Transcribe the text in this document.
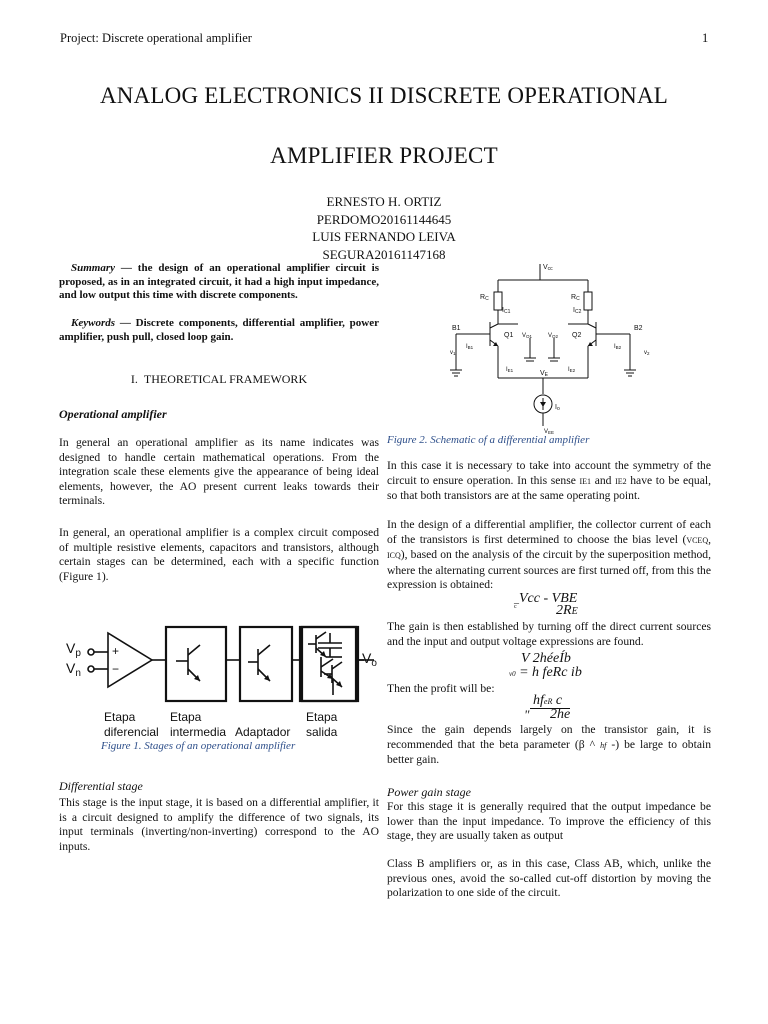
Project: Discrete operational amplifier	1
ANALOG ELECTRONICS II DISCRETE OPERATIONAL
AMPLIFIER PROJECT
ERNESTO H. ORTIZ
PERDOMO20161144645
LUIS FERNANDO LEIVA
SEGURA20161147168
Summary — the design of an operational amplifier circuit is proposed, as in an integrated circuit, it had a high input impedance, and low output this time with discrete components.
Keywords — Discrete components, differential amplifier, power amplifier, push pull, closed loop gain.
I. THEORETICAL FRAMEWORK
Operational amplifier
In general an operational amplifier as its name indicates was designed to handle certain mathematical operations. From the integration scale these elements give the appearance of being ideal elements, however, the AO present current leaks towards their terminals.
In general, an operational amplifier is a complex circuit composed of multiple resistive elements, capacitors and transistors, although certain stages can be determined, each with a specific function (Figure 1).
$V_p$
$V_n$
+
−
Etapa
diferencial
Etapa
intermedia Adaptador
Etapa
salida
$V_o$
Figure 1. Stages of an operational amplifier
Differential stage
This stage is the input stage, it is based on a differential amplifier, it is a circuit designed to amplify the difference of two signals, its input terminals (inverting/non-inverting) correspond to the AO inputs.
Vcc
RC	RC
IC1	IC2
B1	B2
Q1	Q2
VO1	VO2
IB1	IB2
IE1	IE2
VE
Io
VEE
v1	v2
Figure 2. Schematic of a differential amplifier
In this case it is necessary to take into account the symmetry of the circuit to ensure operation. In this sense IE1 and IE2 have to be equal, so that both transistors are at the same operating point.
In the design of a differential amplifier, the collector current of each of the transistors is first determined to choose the bias level (VCEQ, ICQ), based on the analysis of the circuit by the superposition method, where the alternating current sources are first turned off, from this the expression is obtained:
_Vcc - VBE
c	2RE
The gain is then established by turning off the direct current sources and the input and output voltage expressions are found.
V 2héeÍb
v0 = h feRc ib
Then the profit will be:
hfeR c
" 2he
Since the gain depends largely on the transistor gain, it is recommended that the beta parameter (β ^ hf -) be large to obtain better gain.
Power gain stage
For this stage it is generally required that the output impedance be lower than the input impedance. To improve the efficiency of this stage, they are usually taken as output
Class B amplifiers or, as in this case, Class AB, which, unlike the previous ones, avoid the so-called cut-off distortion by moving the polarization to one side of the circuit.
